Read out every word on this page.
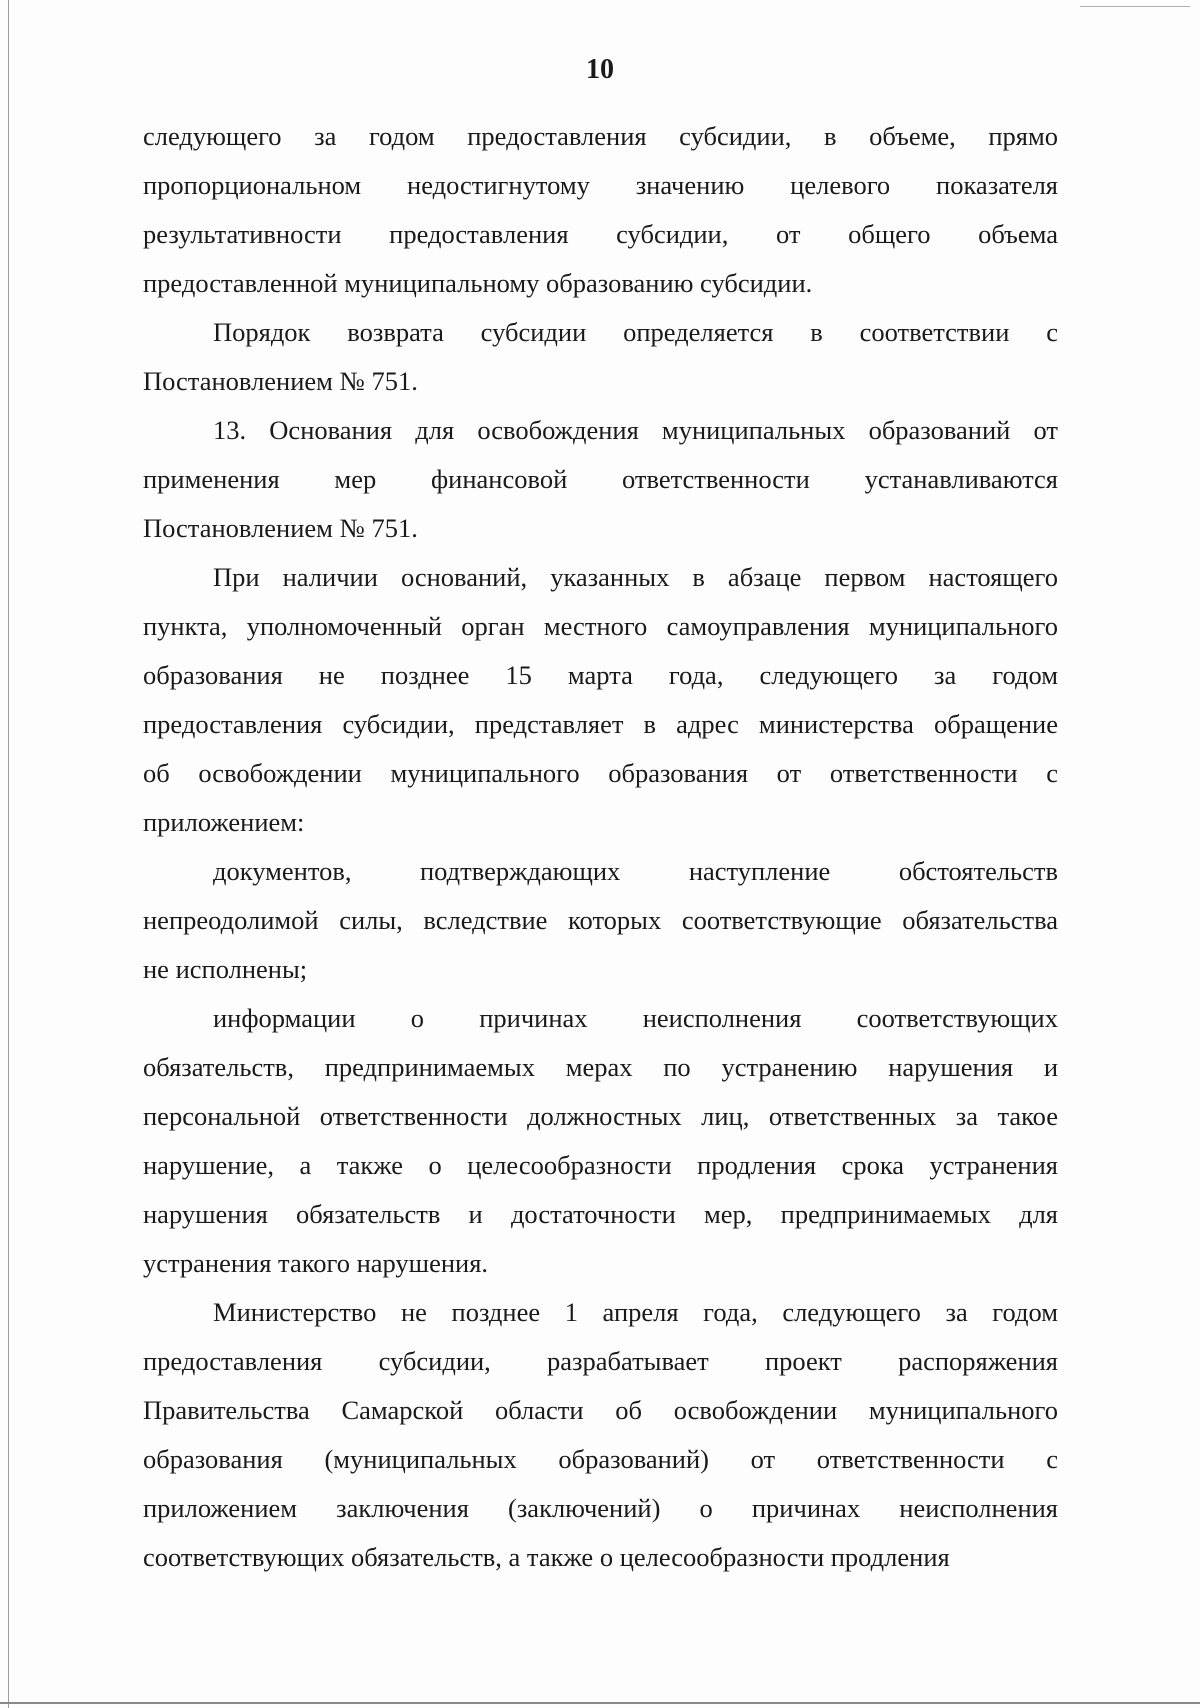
10
следующего за годом предоставления субсидии, в объеме, прямо
пропорциональном недостигнутому значению целевого показателя
результативности предоставления субсидии, от общего объема
предоставленной муниципальному образованию субсидии.
Порядок возврата субсидии определяется в соответствии с
Постановлением № 751.
13. Основания для освобождения муниципальных образований от
применения мер финансовой ответственности устанавливаются
Постановлением № 751.
При наличии оснований, указанных в абзаце первом настоящего
пункта, уполномоченный орган местного самоуправления муниципального
образования не позднее 15 марта года, следующего за годом
предоставления субсидии, представляет в адрес министерства обращение
об освобождении муниципального образования от ответственности с
приложением:
документов, подтверждающих наступление обстоятельств
непреодолимой силы, вследствие которых соответствующие обязательства
не исполнены;
информации о причинах неисполнения соответствующих
обязательств, предпринимаемых мерах по устранению нарушения и
персональной ответственности должностных лиц, ответственных за такое
нарушение, а также о целесообразности продления срока устранения
нарушения обязательств и достаточности мер, предпринимаемых для
устранения такого нарушения.
Министерство не позднее 1 апреля года, следующего за годом
предоставления субсидии, разрабатывает проект распоряжения
Правительства Самарской области об освобождении муниципального
образования (муниципальных образований) от ответственности с
приложением заключения (заключений) о причинах неисполнения
соответствующих обязательств, а также о целесообразности продления
